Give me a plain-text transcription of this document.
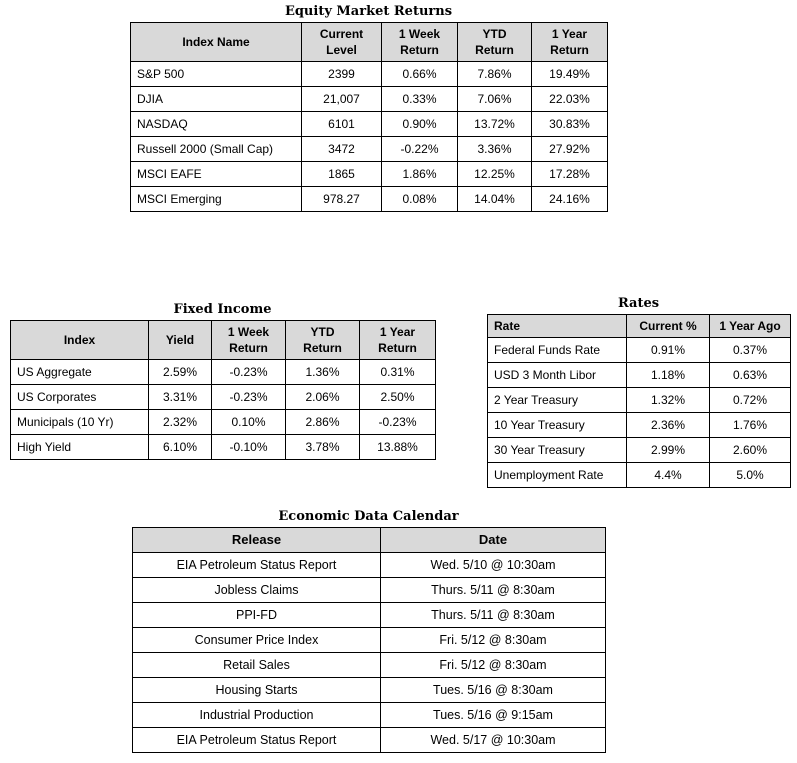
Equity Market Returns
Index Name	Current Level	1 Week Return	YTD Return	1 Year Return
S&P 500	2399	0.66%	7.86%	19.49%
DJIA	21,007	0.33%	7.06%	22.03%
NASDAQ	6101	0.90%	13.72%	30.83%
Russell 2000 (Small Cap)	3472	-0.22%	3.36%	27.92%
MSCI EAFE	1865	1.86%	12.25%	17.28%
MSCI Emerging	978.27	0.08%	14.04%	24.16%
Fixed Income
Index	Yield	1 Week Return	YTD Return	1 Year Return
US Aggregate	2.59%	-0.23%	1.36%	0.31%
US Corporates	3.31%	-0.23%	2.06%	2.50%
Municipals (10 Yr)	2.32%	0.10%	2.86%	-0.23%
High Yield	6.10%	-0.10%	3.78%	13.88%
Rates
Rate	Current %	1 Year Ago
Federal Funds Rate	0.91%	0.37%
USD 3 Month Libor	1.18%	0.63%
2 Year Treasury	1.32%	0.72%
10 Year Treasury	2.36%	1.76%
30 Year Treasury	2.99%	2.60%
Unemployment Rate	4.4%	5.0%
Economic Data Calendar
Release	Date
EIA Petroleum Status Report	Wed. 5/10 @ 10:30am
Jobless Claims	Thurs. 5/11 @ 8:30am
PPI-FD	Thurs. 5/11 @ 8:30am
Consumer Price Index	Fri. 5/12 @ 8:30am
Retail Sales	Fri. 5/12 @ 8:30am
Housing Starts	Tues. 5/16 @ 8:30am
Industrial Production	Tues. 5/16 @ 9:15am
EIA Petroleum Status Report	Wed. 5/17 @ 10:30am
